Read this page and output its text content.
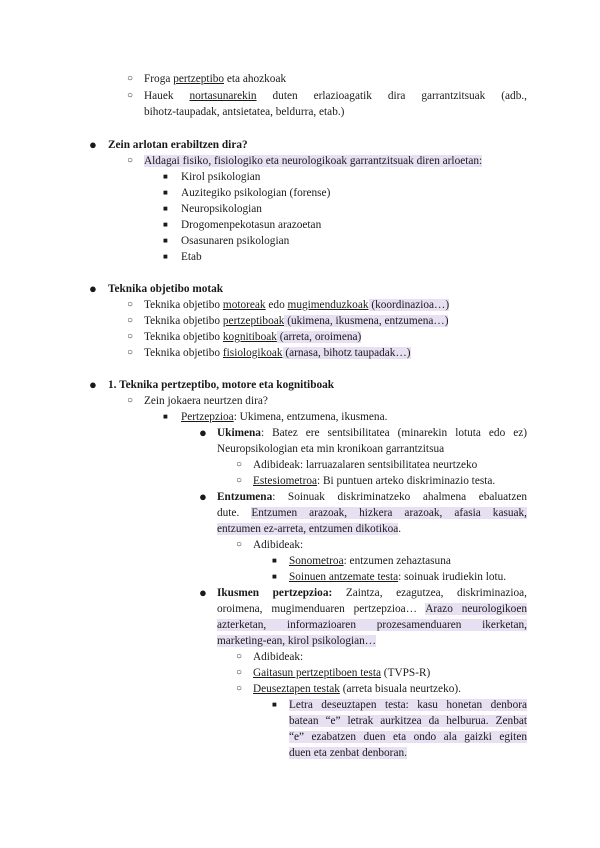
○ Froga pertzeptibo eta ahozkoak
○ Hauek nortasunarekin duten erlazioagatik dira garrantzitsuak (adb.,
bihotz-taupadak, antsietatea, beldurra, etab.)
● Zein arlotan erabiltzen dira?
○ Aldagai fisiko, fisiologiko eta neurologikoak garrantzitsuak diren arloetan:
■ Kirol psikologian
■ Auzitegiko psikologian (forense)
■ Neuropsikologian
■ Drogomenpekotasun arazoetan
■ Osasunaren psikologian
■ Etab
● Teknika objetibo motak
○ Teknika objetibo motoreak edo mugimenduzkoak (koordinazioa…)
○ Teknika objetibo pertzeptiboak (ukimena, ikusmena, entzumena…)
○ Teknika objetibo kognitiboak (arreta, oroimena)
○ Teknika objetibo fisiologikoak (arnasa, bihotz taupadak…)
● 1. Teknika pertzeptibo, motore eta kognitiboak
○ Zein jokaera neurtzen dira?
■ Pertzepzioa: Ukimena, entzumena, ikusmena.
● Ukimena: Batez ere sentsibilitatea (minarekin lotuta edo ez)
Neuropsikologian eta min kronikoan garrantzitsua
○ Adibideak: larruazalaren sentsibilitatea neurtzeko
○ Estesiometroa: Bi puntuen arteko diskriminazio testa.
● Entzumena: Soinuak diskriminatzeko ahalmena ebaluatzen
dute. Entzumen arazoak, hizkera arazoak, afasia kasuak,
entzumen ez-arreta, entzumen dikotikoa.
○ Adibideak:
■ Sonometroa: entzumen zehaztasuna
■ Soinuen antzemate testa: soinuak irudiekin lotu.
● Ikusmen pertzepzioa: Zaintza, ezagutzea, diskriminazioa,
oroimena, mugimenduaren pertzepzioa… Arazo neurologikoen
azterketan, informazioaren prozesamenduaren ikerketan,
marketing-ean, kirol psikologian…
○ Adibideak:
○ Gaitasun pertzeptiboen testa (TVPS-R)
○ Deuseztapen testak (arreta bisuala neurtzeko).
■ Letra deseuztapen testa: kasu honetan denbora
batean “e” letrak aurkitzea da helburua. Zenbat
“e” ezabatzen duen eta ondo ala gaizki egiten
duen eta zenbat denboran.
